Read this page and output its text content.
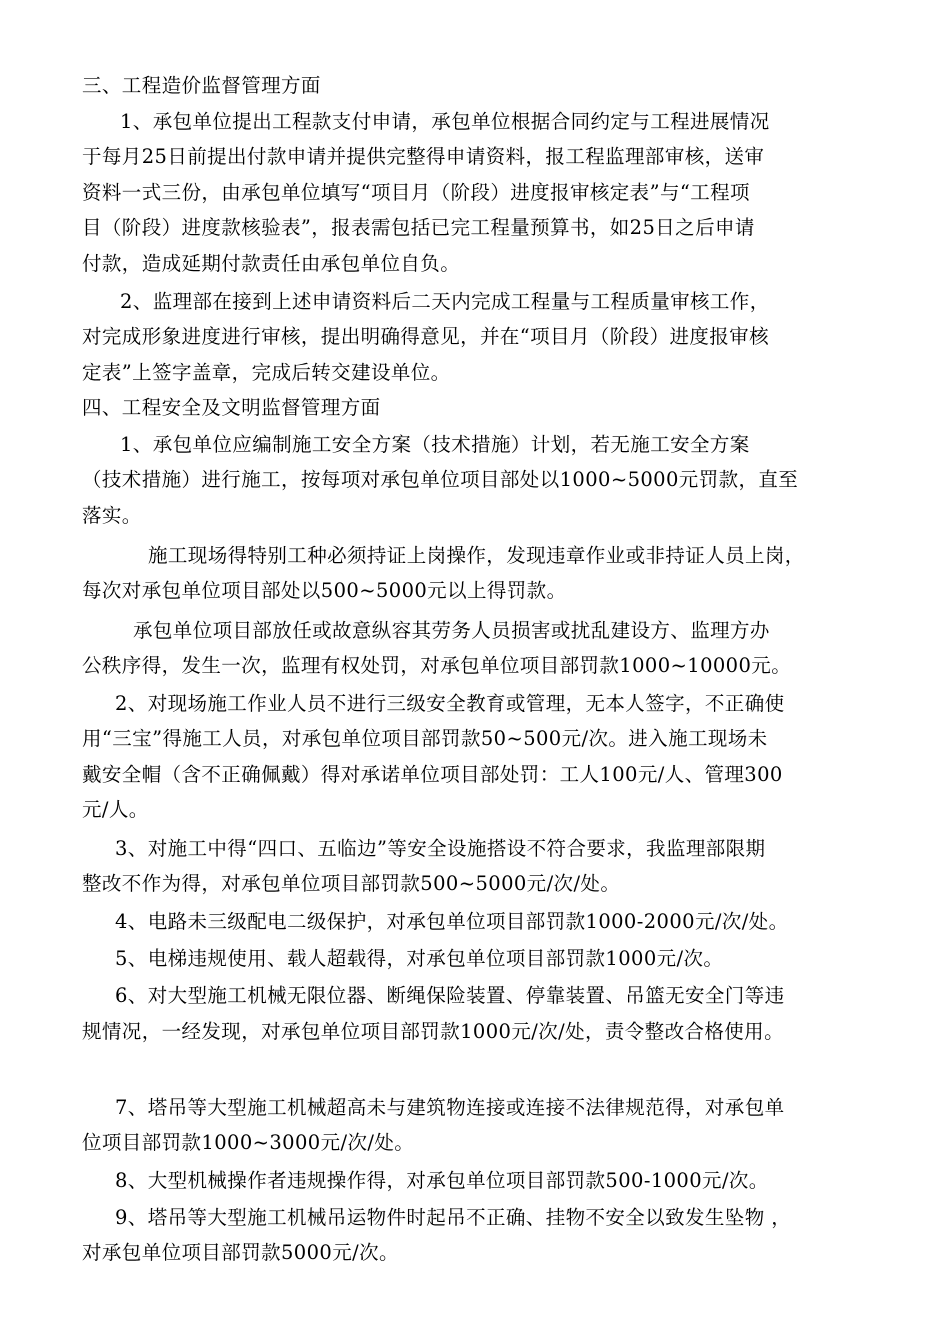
三、工程造价监督管理方面
1、承包单位提出工程款支付申请，承包单位根据合同约定与工程进展情况
于每月25日前提出付款申请并提供完整得申请资料，报工程监理部审核，送审
资料一式三份，由承包单位填写“项目月（阶段）进度报审核定表”与“工程项
目（阶段）进度款核验表”，报表需包括已完工程量预算书，如25日之后申请
付款，造成延期付款责任由承包单位自负。
2、监理部在接到上述申请资料后二天内完成工程量与工程质量审核工作，
对完成形象进度进行审核，提出明确得意见，并在“项目月（阶段）进度报审核
定表”上签字盖章，完成后转交建设单位。
四、工程安全及文明监督管理方面
1、承包单位应编制施工安全方案（技术措施）计划，若无施工安全方案
（技术措施）进行施工，按每项对承包单位项目部处以1000~5000元罚款，直至
落实。
施工现场得特别工种必须持证上岗操作，发现违章作业或非持证人员上岗，
每次对承包单位项目部处以500~5000元以上得罚款。
承包单位项目部放任或故意纵容其劳务人员损害或扰乱建设方、监理方办
公秩序得，发生一次，监理有权处罚，对承包单位项目部罚款1000~10000元。
2、对现场施工作业人员不进行三级安全教育或管理，无本人签字，不正确使
用“三宝”得施工人员，对承包单位项目部罚款50~500元/次。进入施工现场未
戴安全帽（含不正确佩戴）得对承诺单位项目部处罚：工人100元/人、管理300
元/人。
3、对施工中得“四口、五临边”等安全设施搭设不符合要求，我监理部限期
整改不作为得，对承包单位项目部罚款500~5000元/次/处。
4、电路未三级配电二级保护，对承包单位项目部罚款1000-2000元/次/处。
5、电梯违规使用、载人超载得，对承包单位项目部罚款1000元/次。
6、对大型施工机械无限位器、断绳保险装置、停靠装置、吊篮无安全门等违
规情况，一经发现，对承包单位项目部罚款1000元/次/处，责令整改合格使用。
7、塔吊等大型施工机械超高未与建筑物连接或连接不法律规范得，对承包单
位项目部罚款1000~3000元/次/处。
8、大型机械操作者违规操作得，对承包单位项目部罚款500-1000元/次。
9、塔吊等大型施工机械吊运物件时起吊不正确、挂物不安全以致发生坠物 ，
对承包单位项目部罚款5000元/次。
